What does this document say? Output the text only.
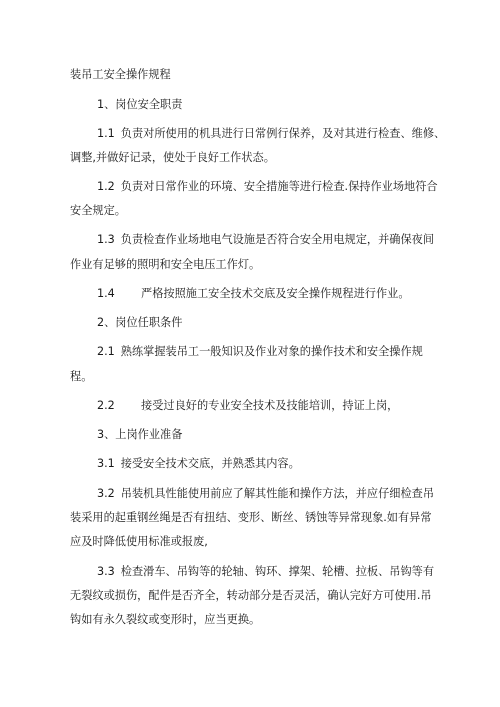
装吊工安全操作规程
1、岗位安全职责
1.1 负责对所使用的机具进行日常例行保养，及对其进行检查、维修、
调整,并做好记录，使处于良好工作状态。
1.2 负责对日常作业的环境、安全措施等进行检查.保持作业场地符合
安全规定。
1.3 负责检查作业场地电气设施是否符合安全用电规定，并确保夜间
作业有足够的照明和安全电压工作灯。
1.4 严格按照施工安全技术交底及安全操作规程进行作业。
2、岗位任职条件
2.1 熟练掌握装吊工一般知识及作业对象的操作技术和安全操作规
程。
2.2 接受过良好的专业安全技术及技能培训，持证上岗，
3、上岗作业准备
3.1 接受安全技术交底，并熟悉其内容。
3.2 吊装机具性能使用前应了解其性能和操作方法，并应仔细检查吊
装采用的起重钢丝绳是否有扭结、变形、断丝、锈蚀等异常现象.如有异常
应及时降低使用标准或报废,
3.3 检查滑车、吊钩等的轮轴、钩环、撑架、轮槽、拉板、吊钩等有
无裂纹或损伤，配件是否齐全，转动部分是否灵活，确认完好方可使用.吊
钩如有永久裂纹或变形时，应当更换。
